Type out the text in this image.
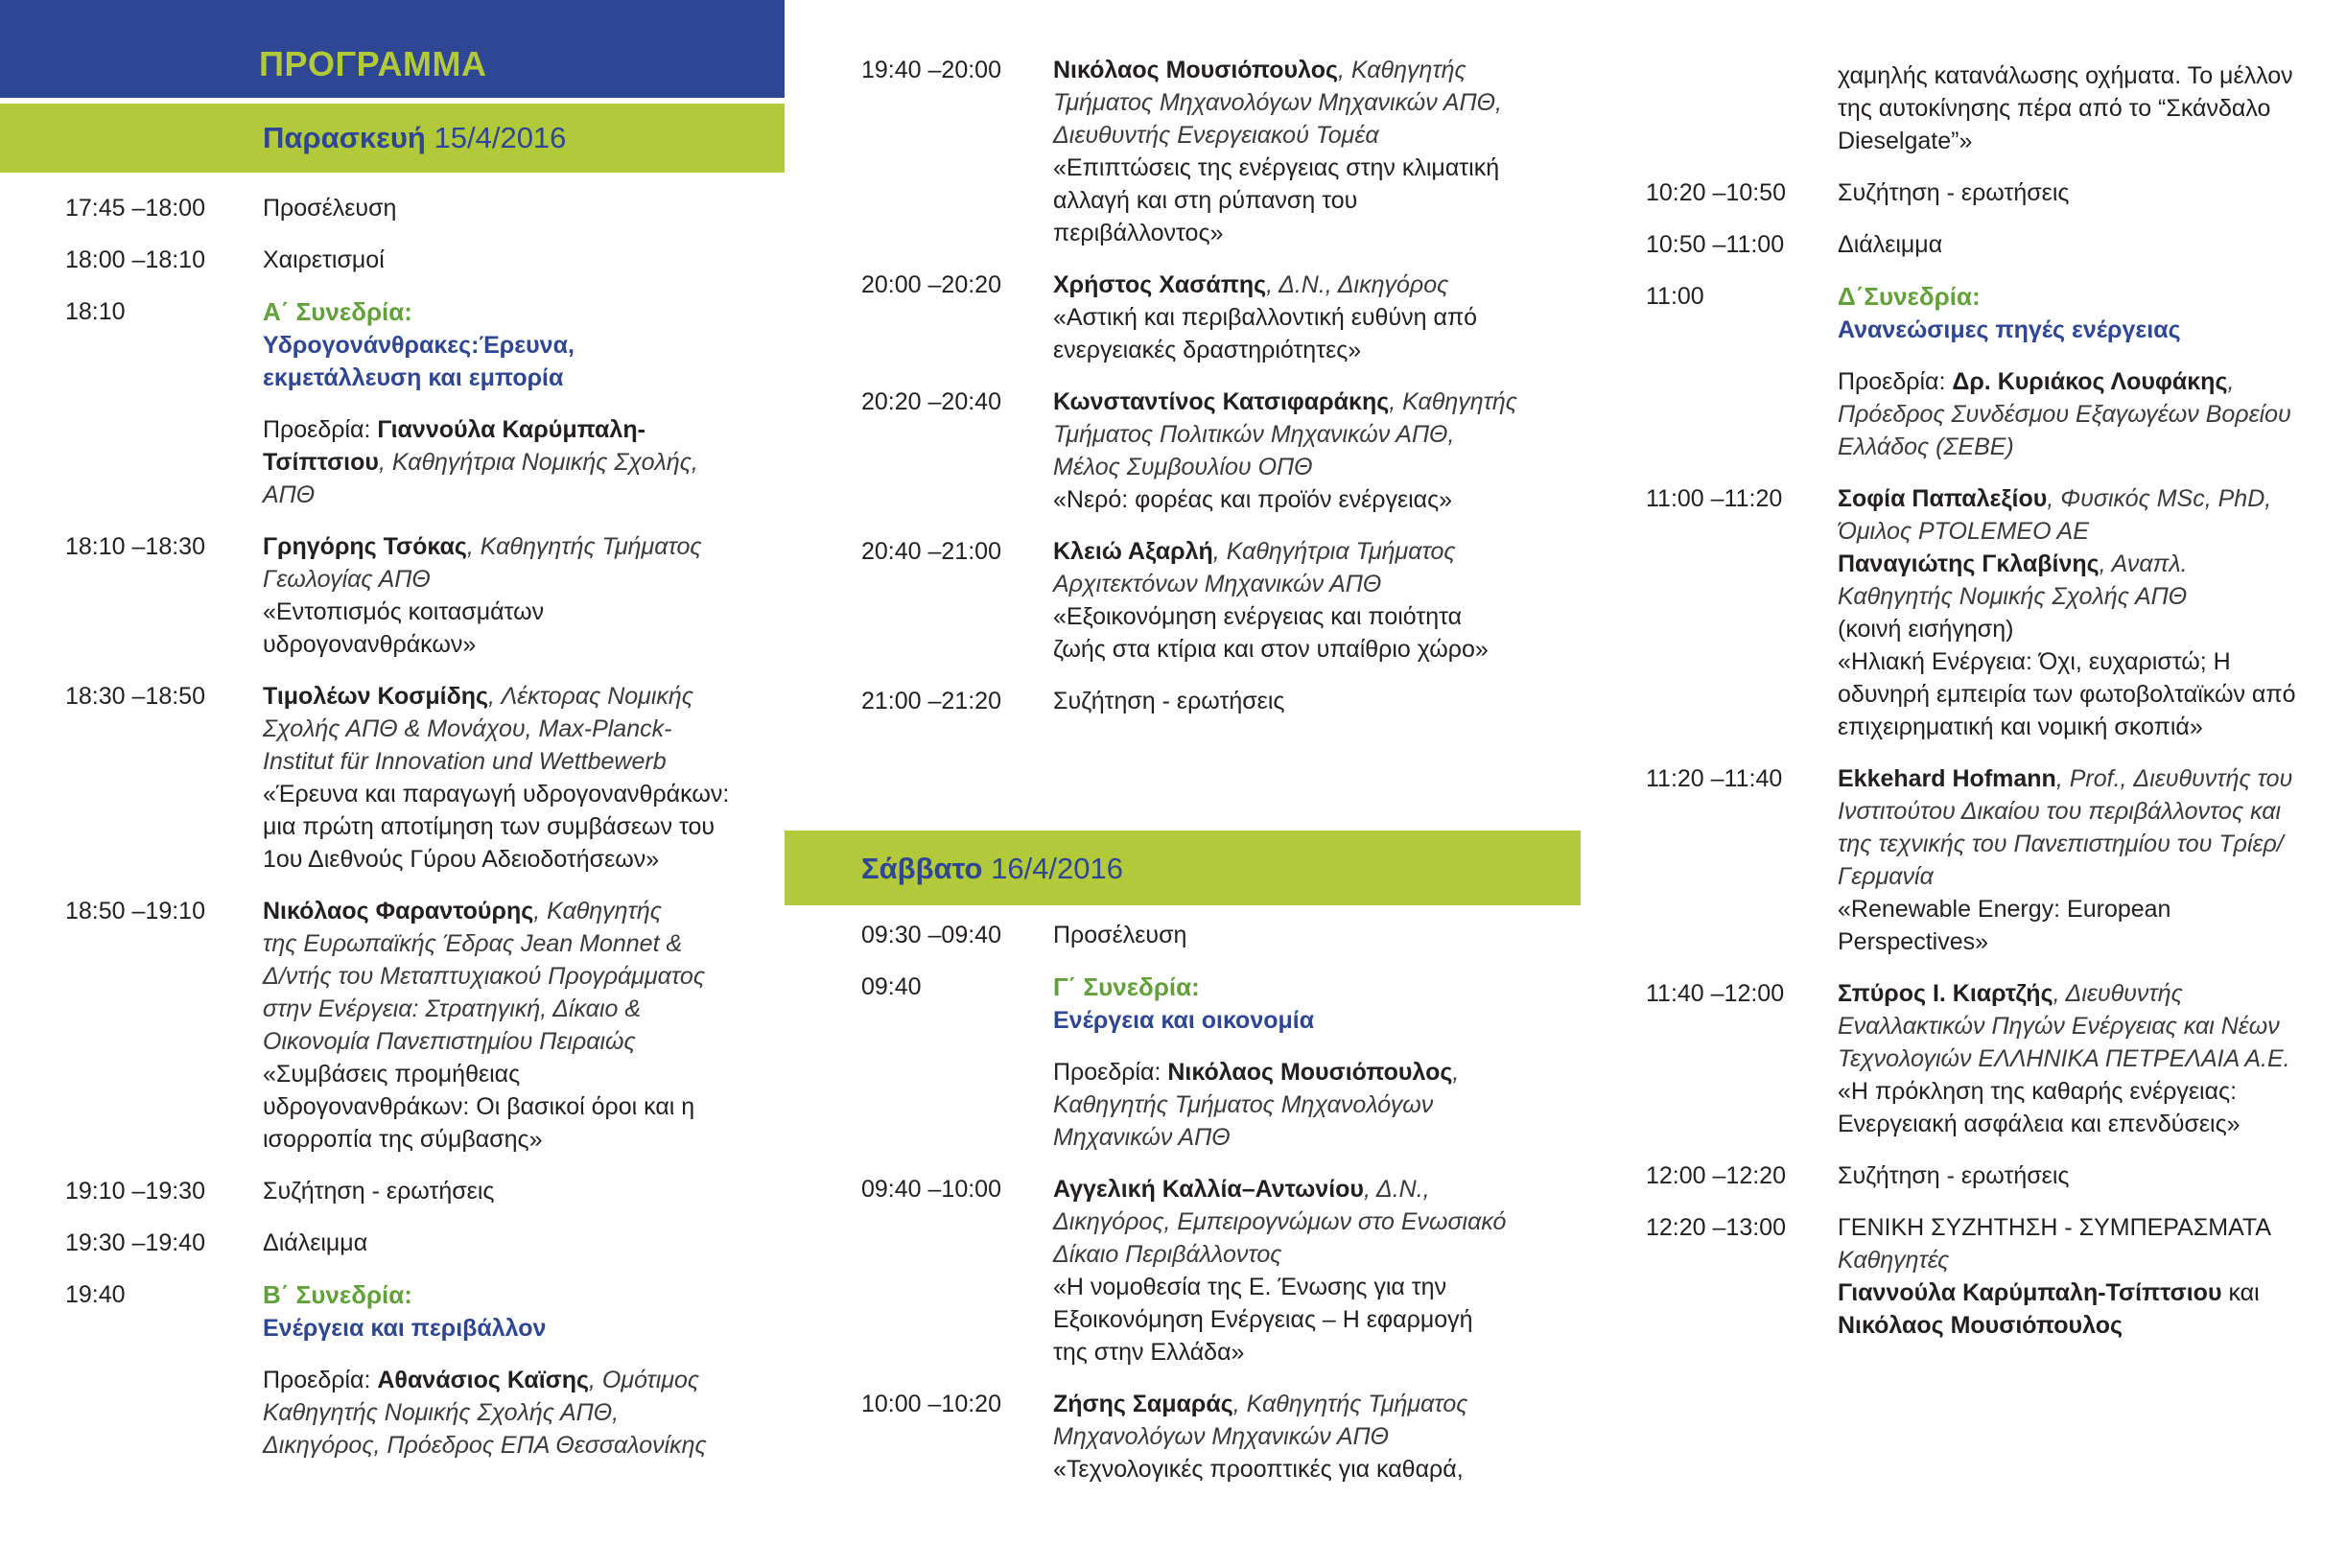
ΠΡΟΓΡΑΜΜΑ
Παρασκευή 15/4/2016
17:45 –18:00	Προσέλευση
18:00 –18:10	Χαιρετισμοί
18:10	Α΄ Συνεδρία:
Υδρογονάνθρακες:Έρευνα,
εκμετάλλευση και εμπορία
Προεδρία: Γιαννούλα Καρύμπαλη-
Τσίπτσιου, Καθηγήτρια Νομικής Σχολής,
ΑΠΘ
18:10 –18:30	Γρηγόρης Τσόκας, Καθηγητής Τμήματος
Γεωλογίας ΑΠΘ
«Εντοπισμός κοιτασμάτων
υδρογονανθράκων»
18:30 –18:50	Τιμολέων Κοσμίδης, Λέκτορας Νομικής
Σχολής ΑΠΘ & Μονάχου, Max-Planck-
Institut für Innovation und Wettbewerb
«Έρευνα και παραγωγή υδρογονανθράκων:
μια πρώτη αποτίμηση των συμβάσεων του
1ου Διεθνούς Γύρου Αδειοδοτήσεων»
18:50 –19:10	Νικόλαος Φαραντούρης, Καθηγητής
της Ευρωπαϊκής Έδρας Jean Monnet &
Δ/ντής του Μεταπτυχιακού Προγράμματος
στην Ενέργεια: Στρατηγική, Δίκαιο &
Οικονομία Πανεπιστημίου Πειραιώς
«Συμβάσεις προμήθειας
υδρογονανθράκων: Οι βασικοί όροι και η
ισορροπία της σύμβασης»
19:10 –19:30	Συζήτηση - ερωτήσεις
19:30 –19:40	Διάλειμμα
19:40	Β΄ Συνεδρία:
Ενέργεια και περιβάλλον
Προεδρία: Αθανάσιος Καϊσης, Ομότιμος
Καθηγητής Νομικής Σχολής ΑΠΘ,
Δικηγόρος, Πρόεδρος ΕΠΑ Θεσσαλονίκης
19:40 –20:00	Νικόλαος Μουσιόπουλος, Καθηγητής
Τμήματος Μηχανολόγων Μηχανικών ΑΠΘ,
Διευθυντής Ενεργειακού Τομέα
«Επιπτώσεις της ενέργειας στην κλιματική
αλλαγή και στη ρύπανση του
περιβάλλοντος»
20:00 –20:20	Χρήστος Χασάπης, Δ.Ν., Δικηγόρος
«Αστική και περιβαλλοντική ευθύνη από
ενεργειακές δραστηριότητες»
20:20 –20:40	Κωνσταντίνος Κατσιφαράκης, Καθηγητής
Τμήματος Πολιτικών Μηχανικών ΑΠΘ,
Μέλος Συμβουλίου ΟΠΘ
«Νερό: φορέας και προϊόν ενέργειας»
20:40 –21:00	Κλειώ Αξαρλή, Καθηγήτρια Τμήματος
Αρχιτεκτόνων Μηχανικών ΑΠΘ
«Εξοικονόμηση ενέργειας και ποιότητα
ζωής στα κτίρια και στον υπαίθριο χώρο»
21:00 –21:20	Συζήτηση - ερωτήσεις
Σάββατο 16/4/2016
09:30 –09:40	Προσέλευση
09:40	Γ΄ Συνεδρία:
Ενέργεια και οικονομία
Προεδρία: Νικόλαος Μουσιόπουλος,
Καθηγητής Τμήματος Μηχανολόγων
Μηχανικών ΑΠΘ
09:40 –10:00	Αγγελική Καλλία–Αντωνίου, Δ.Ν.,
Δικηγόρος, Εμπειρογνώμων στο Ενωσιακό
Δίκαιο Περιβάλλοντος
«Η νομοθεσία της Ε. Ένωσης για την
Εξοικονόμηση Ενέργειας – Η εφαρμογή
της στην Ελλάδα»
10:00 –10:20	Ζήσης Σαμαράς, Καθηγητής Τμήματος
Μηχανολόγων Μηχανικών ΑΠΘ
«Τεχνολογικές προοπτικές για καθαρά,
χαμηλής κατανάλωσης οχήματα. Το μέλλον
της αυτοκίνησης πέρα από το “Σκάνδαλο
Dieselgate”»
10:20 –10:50	Συζήτηση - ερωτήσεις
10:50 –11:00	Διάλειμμα
11:00	Δ΄Συνεδρία:
Ανανεώσιμες πηγές ενέργειας
Προεδρία: Δρ. Κυριάκος Λουφάκης,
Πρόεδρος Συνδέσμου Εξαγωγέων Βορείου
Ελλάδος (ΣΕΒΕ)
11:00 –11:20	Σοφία Παπαλεξίου, Φυσικός MSc, PhD,
Όμιλος PTOLEMEO AE
Παναγιώτης Γκλαβίνης, Αναπλ.
Καθηγητής Νομικής Σχολής ΑΠΘ
(κοινή εισήγηση)
«Ηλιακή Ενέργεια: Όχι, ευχαριστώ; Η
οδυνηρή εμπειρία των φωτοβολταϊκών από
επιχειρηματική και νομική σκοπιά»
11:20 –11:40	Ekkehard Hofmann, Prof., Διευθυντής του
Ινστιτούτου Δικαίου του περιβάλλοντος και
της τεχνικής του Πανεπιστημίου του Τρίερ/
Γερμανία
«Renewable Energy: European
Perspectives»
11:40 –12:00	Σπύρος Ι. Κιαρτζής, Διευθυντής
Εναλλακτικών Πηγών Ενέργειας και Νέων
Τεχνολογιών ΕΛΛΗΝΙΚΑ ΠΕΤΡΕΛΑΙΑ Α.Ε.
«Η πρόκληση της καθαρής ενέργειας:
Ενεργειακή ασφάλεια και επενδύσεις»
12:00 –12:20	Συζήτηση - ερωτήσεις
12:20 –13:00	ΓΕΝΙΚΗ ΣΥΖΗΤΗΣΗ - ΣΥΜΠΕΡΑΣΜΑΤΑ
Καθηγητές
Γιαννούλα Καρύμπαλη-Τσίπτσιου και
Νικόλαος Μουσιόπουλος
